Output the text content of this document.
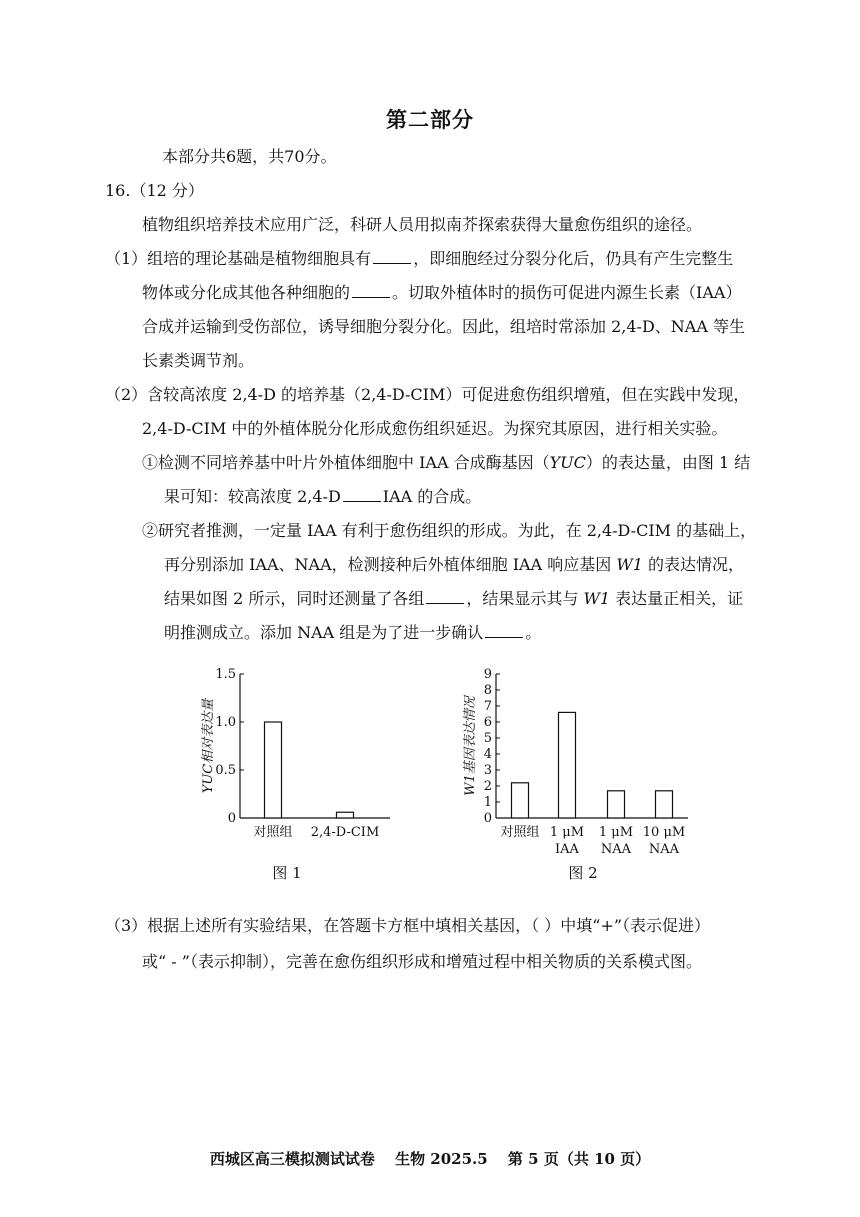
第二部分
本部分共6题，共70分。
16.（12 分）
植物组织培养技术应用广泛，科研人员用拟南芥探索获得大量愈伤组织的途径。
（1）组培的理论基础是植物细胞具有	，即细胞经过分裂分化后，仍具有产生完整生
物体或分化成其他各种细胞的	。切取外植体时的损伤可促进内源生长素（IAA）
合成并运输到受伤部位，诱导细胞分裂分化。因此，组培时常添加 2,4-D、NAA 等生
长素类调节剂。
（2）含较高浓度 2,4-D 的培养基（2,4-D-CIM）可促进愈伤组织增殖，但在实践中发现，
2,4-D-CIM 中的外植体脱分化形成愈伤组织延迟。为探究其原因，进行相关实验。
①检测不同培养基中叶片外植体细胞中 IAA 合成酶基因（YUC）的表达量，由图 1 结
果可知：较高浓度 2,4-D	IAA 的合成。
②研究者推测，一定量 IAA 有利于愈伤组织的形成。为此，在 2,4-D-CIM 的基础上，
再分别添加 IAA、NAA，检测接种后外植体细胞 IAA 响应基因 W1 的表达情况，
结果如图 2 所示，同时还测量了各组	，结果显示其与 W1 表达量正相关，证
明推测成立。添加 NAA 组是为了进一步确认	。
0
0.5
1.0
1.5
YUC相对表达量
对照组 2,4-D-CIM
图 1
0
1
2
3
4
5
6
7
8
9
W1基因表达情况
对照组 1 μM
IAA
1 μM
NAA
10 μM
NAA
图 2
（3）根据上述所有实验结果，在答题卡方框中填相关基因，（ ）中填“+”（表示促进）
或“ - ”（表示抑制），完善在愈伤组织形成和增殖过程中相关物质的关系模式图。
西城区高三模拟测试试卷　 生物 2025.5　 第 5 页（共 10 页）
